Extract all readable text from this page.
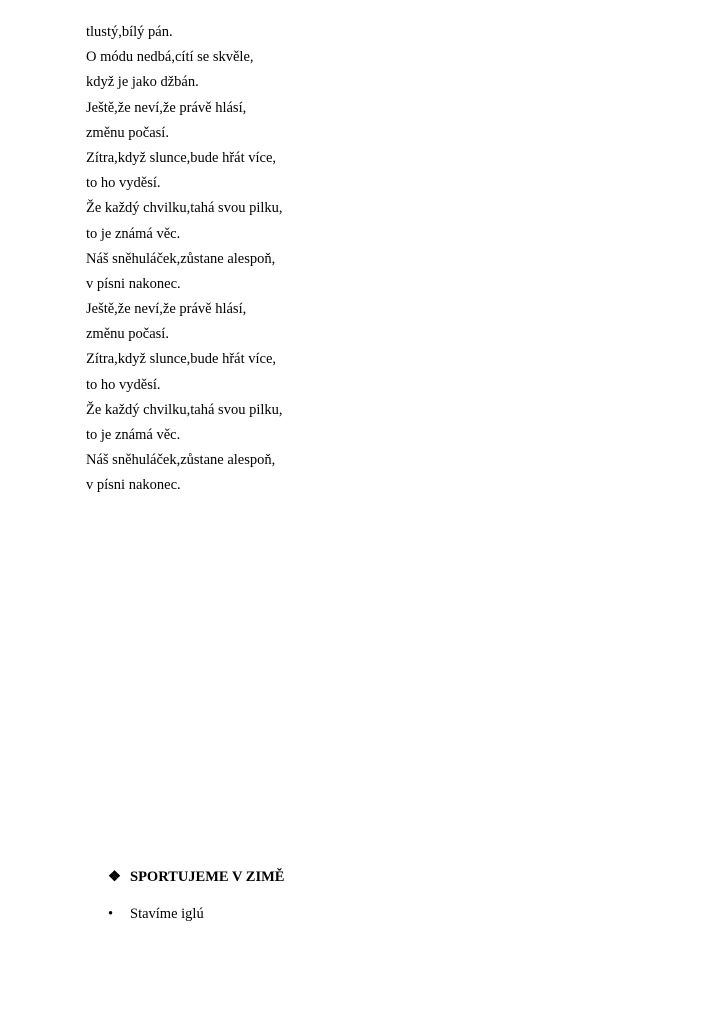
tlustý,bílý pán.
O módu nedbá,cítí se skvěle,
když je jako džbán.
Ještě,že neví,že právě hlásí,
změnu počasí.
Zítra,když slunce,bude hřát více,
to ho vyděsí.
Že každý chvilku,tahá svou pilku,
to je známá věc.
Náš sněhuláček,zůstane alespoň,
v písni nakonec.
Ještě,že neví,že právě hlásí,
změnu počasí.
Zítra,když slunce,bude hřát více,
to ho vyděsí.
Že každý chvilku,tahá svou pilku,
to je známá věc.
Náš sněhuláček,zůstane alespoň,
v písni nakonec.
❖ SPORTUJEME V ZIMĚ
• Stavíme iglú
